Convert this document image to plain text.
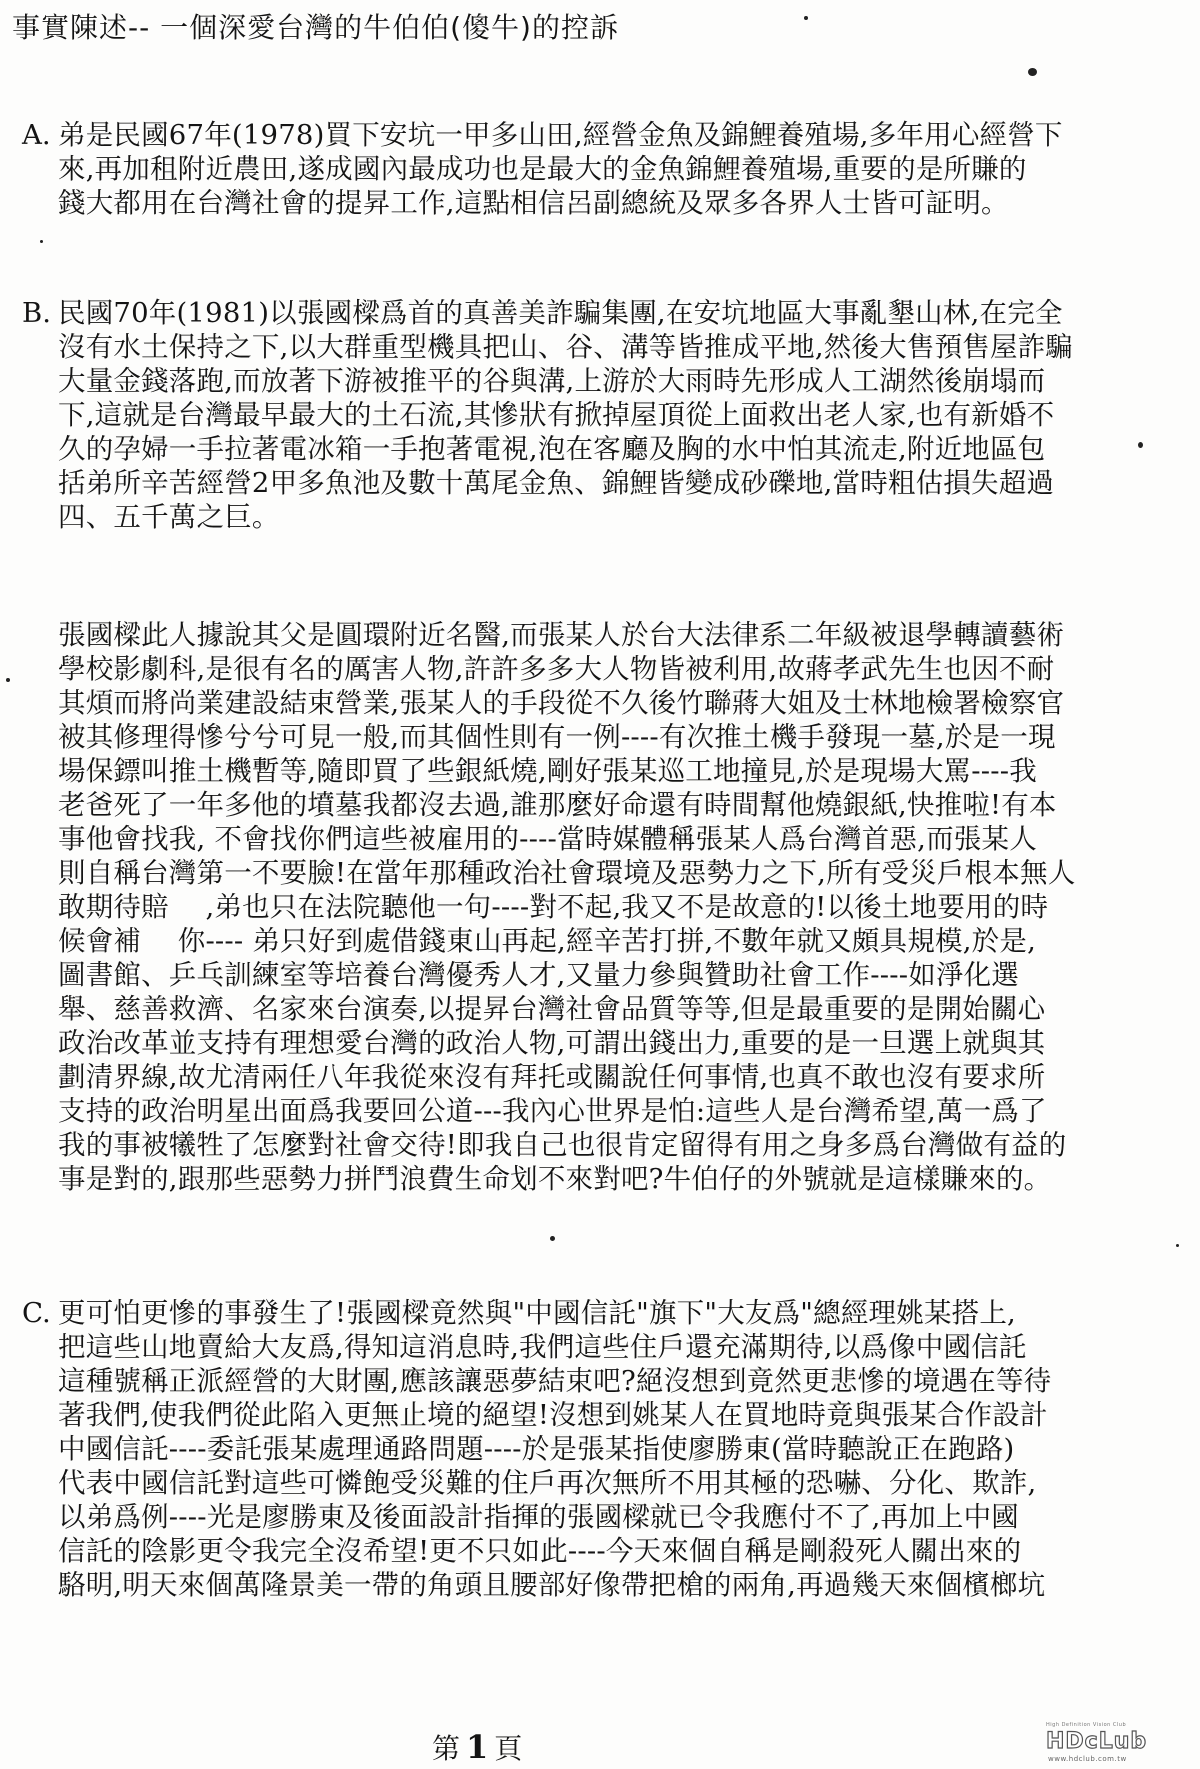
事實陳述-- 一個深愛台灣的牛伯伯(傻牛)的控訴
A. 弟是民國67年(1978)買下安坑一甲多山田,經營金魚及錦鯉養殖場,多年用心經營下
來,再加租附近農田,遂成國內最成功也是最大的金魚錦鯉養殖場,重要的是所賺的
錢大都用在台灣社會的提昇工作,這點相信呂副總統及眾多各界人士皆可証明。
B. 民國70年(1981)以張國樑爲首的真善美詐騙集團,在安坑地區大事亂墾山林,在完全
沒有水土保持之下,以大群重型機具把山、谷、溝等皆推成平地,然後大售預售屋詐騙
大量金錢落跑,而放著下游被推平的谷與溝,上游於大雨時先形成人工湖然後崩塌而
下,這就是台灣最早最大的土石流,其慘狀有掀掉屋頂從上面救出老人家,也有新婚不
久的孕婦一手拉著電冰箱一手抱著電視,泡在客廳及胸的水中怕其流走,附近地區包
括弟所辛苦經營2甲多魚池及數十萬尾金魚、錦鯉皆變成砂礫地,當時粗估損失超過
四、五千萬之巨。
張國樑此人據說其父是圓環附近名醫,而張某人於台大法律系二年級被退學轉讀藝術
學校影劇科,是很有名的厲害人物,許許多多大人物皆被利用,故蔣孝武先生也因不耐
其煩而將尚業建設結束營業,張某人的手段從不久後竹聯蔣大姐及士林地檢署檢察官
被其修理得慘兮兮可見一般,而其個性則有一例----有次推土機手發現一墓,於是一現
場保鏢叫推土機暫等,隨即買了些銀紙燒,剛好張某巡工地撞見,於是現場大罵----我
老爸死了一年多他的墳墓我都沒去過,誰那麼好命還有時間幫他燒銀紙,快推啦!有本
事他會找我, 不會找你們這些被雇用的----當時媒體稱張某人爲台灣首惡,而張某人
則自稱台灣第一不要臉!在當年那種政治社會環境及惡勢力之下,所有受災戶根本無人
敢期待賠　 ,弟也只在法院聽他一句----對不起,我又不是故意的!以後土地要用的時
候會補　 你---- 弟只好到處借錢東山再起,經辛苦打拼,不數年就又頗具規模,於是,
圖書館、乒乓訓練室等培養台灣優秀人才,又量力參與贊助社會工作----如淨化選
舉、慈善救濟、名家來台演奏,以提昇台灣社會品質等等,但是最重要的是開始關心
政治改革並支持有理想愛台灣的政治人物,可謂出錢出力,重要的是一旦選上就與其
劃清界線,故尤清兩任八年我從來沒有拜托或關說任何事情,也真不敢也沒有要求所
支持的政治明星出面爲我要回公道---我內心世界是怕:這些人是台灣希望,萬一爲了
我的事被犧牲了怎麼對社會交待!即我自己也很肯定留得有用之身多爲台灣做有益的
事是對的,跟那些惡勢力拼鬥浪費生命划不來對吧?牛伯仔的外號就是這樣賺來的。
C. 更可怕更慘的事發生了!張國樑竟然與"中國信託"旗下"大友爲"總經理姚某搭上,
把這些山地賣給大友爲,得知這消息時,我們這些住戶還充滿期待,以爲像中國信託
這種號稱正派經營的大財團,應該讓惡夢結束吧?絕沒想到竟然更悲慘的境遇在等待
著我們,使我們從此陷入更無止境的絕望!沒想到姚某人在買地時竟與張某合作設計
中國信託----委託張某處理通路問題----於是張某指使廖勝東(當時聽說正在跑路)
代表中國信託對這些可憐飽受災難的住戶再次無所不用其極的恐嚇、分化、欺詐,
以弟爲例----光是廖勝東及後面設計指揮的張國樑就已令我應付不了,再加上中國
信託的陰影更令我完全沒希望!更不只如此----今天來個自稱是剛殺死人關出來的
駱明,明天來個萬隆景美一帶的角頭且腰部好像帶把槍的兩角,再過幾天來個檳榔坑
第 1 頁
High Definition Vision Club
HDcLub
www.hdclub.com.tw
